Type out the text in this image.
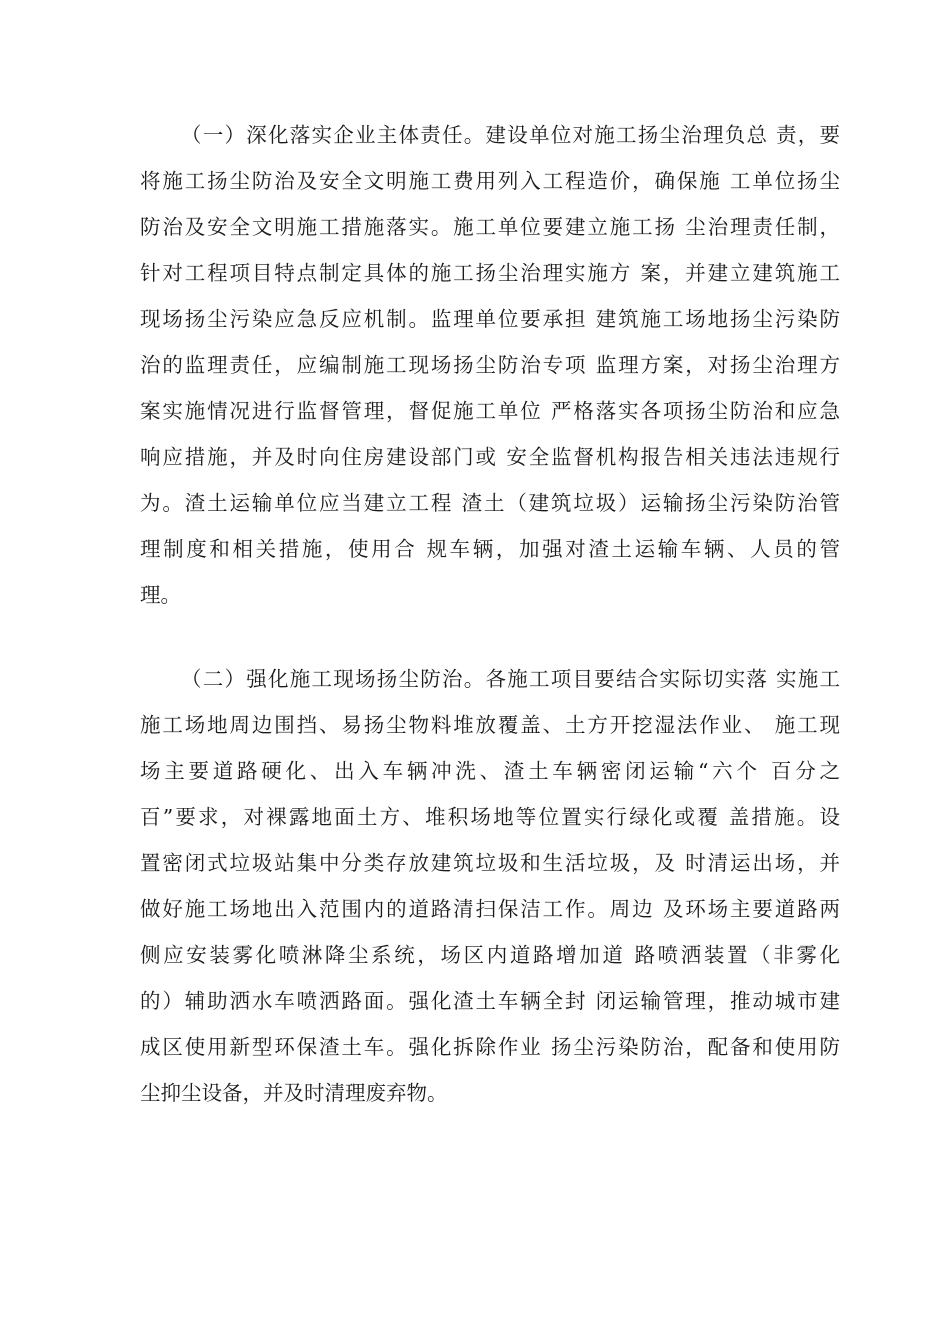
（一）深化落实企业主体责任。建设单位对施工扬尘治理负总 责，要
将施工扬尘防治及安全文明施工费用列入工程造价，确保施 工单位扬尘
防治及安全文明施工措施落实。施工单位要建立施工扬 尘治理责任制，
针对工程项目特点制定具体的施工扬尘治理实施方 案，并建立建筑施工
现场扬尘污染应急反应机制。监理单位要承担 建筑施工场地扬尘污染防
治的监理责任，应编制施工现场扬尘防治专项 监理方案，对扬尘治理方
案实施情况进行监督管理，督促施工单位 严格落实各项扬尘防治和应急
响应措施，并及时向住房建设部门或 安全监督机构报告相关违法违规行
为。渣土运输单位应当建立工程 渣土（建筑垃圾）运输扬尘污染防治管
理制度和相关措施，使用合 规车辆，加强对渣土运输车辆、人员的管
理。
（二）强化施工现场扬尘防治。各施工项目要结合实际切实落 实施工
施工场地周边围挡、易扬尘物料堆放覆盖、土方开挖湿法作业、 施工现
场主要道路硬化、出入车辆冲洗、渣土车辆密闭运输“六个 百分之
百”要求，对裸露地面土方、堆积场地等位置实行绿化或覆 盖措施。设
置密闭式垃圾站集中分类存放建筑垃圾和生活垃圾，及 时清运出场，并
做好施工场地出入范围内的道路清扫保洁工作。周边 及环场主要道路两
侧应安装雾化喷淋降尘系统，场区内道路增加道 路喷洒装置（非雾化
的）辅助洒水车喷洒路面。强化渣土车辆全封 闭运输管理，推动城市建
成区使用新型环保渣土车。强化拆除作业 扬尘污染防治，配备和使用防
尘抑尘设备，并及时清理废弃物。
